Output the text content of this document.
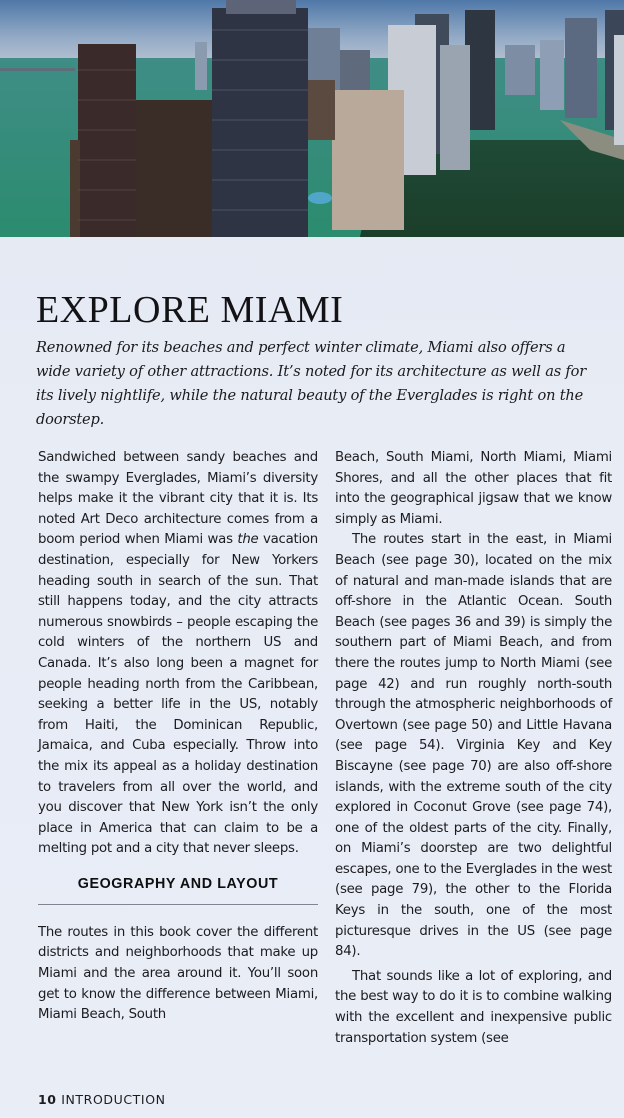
EXPLORE MIAMI

Renowned for its beaches and perfect winter climate, Miami also offers a wide variety of other attractions. It’s noted for its architecture as well as for its lively nightlife, while the natural beauty of the Everglades is right on the doorstep.

Sandwiched between sandy beaches and the swampy Everglades, Miami’s diversity helps make it the vibrant city that it is. Its noted Art Deco architecture comes from a boom period when Miami was the vacation destination, especially for New Yorkers heading south in search of the sun. That still happens today, and the city attracts numerous snowbirds – people escaping the cold winters of the northern US and Canada. It’s also long been a magnet for people heading north from the Caribbean, seeking a better life in the US, notably from Haiti, the Dominican Republic, Jamaica, and Cuba especially. Throw into the mix its appeal as a holiday destination to travelers from all over the world, and you discover that New York isn’t the only place in America that can claim to be a melting pot and a city that never sleeps.

GEOGRAPHY AND LAYOUT

The routes in this book cover the different districts and neighborhoods that make up Miami and the area around it. You’ll soon get to know the difference between Miami, Miami Beach, South

Beach, South Miami, North Miami, Miami Shores, and all the other places that fit into the geographical jigsaw that we know simply as Miami.

The routes start in the east, in Miami Beach (see page 30), located on the mix of natural and man-made islands that are off-shore in the Atlantic Ocean. South Beach (see pages 36 and 39) is simply the southern part of Miami Beach, and from there the routes jump to North Miami (see page 42) and run roughly north-south through the atmospheric neighborhoods of Overtown (see page 50) and Little Havana (see page 54). Virginia Key and Key Biscayne (see page 70) are also off-shore islands, with the extreme south of the city explored in Coconut Grove (see page 74), one of the oldest parts of the city. Finally, on Miami’s doorstep are two delightful escapes, one to the Everglades in the west (see page 79), the other to the Florida Keys in the south, one of the most picturesque drives in the US (see page 84).

That sounds like a lot of exploring, and the best way to do it is to combine walking with the excellent and inexpensive public transportation system (see

10 INTRODUCTION
